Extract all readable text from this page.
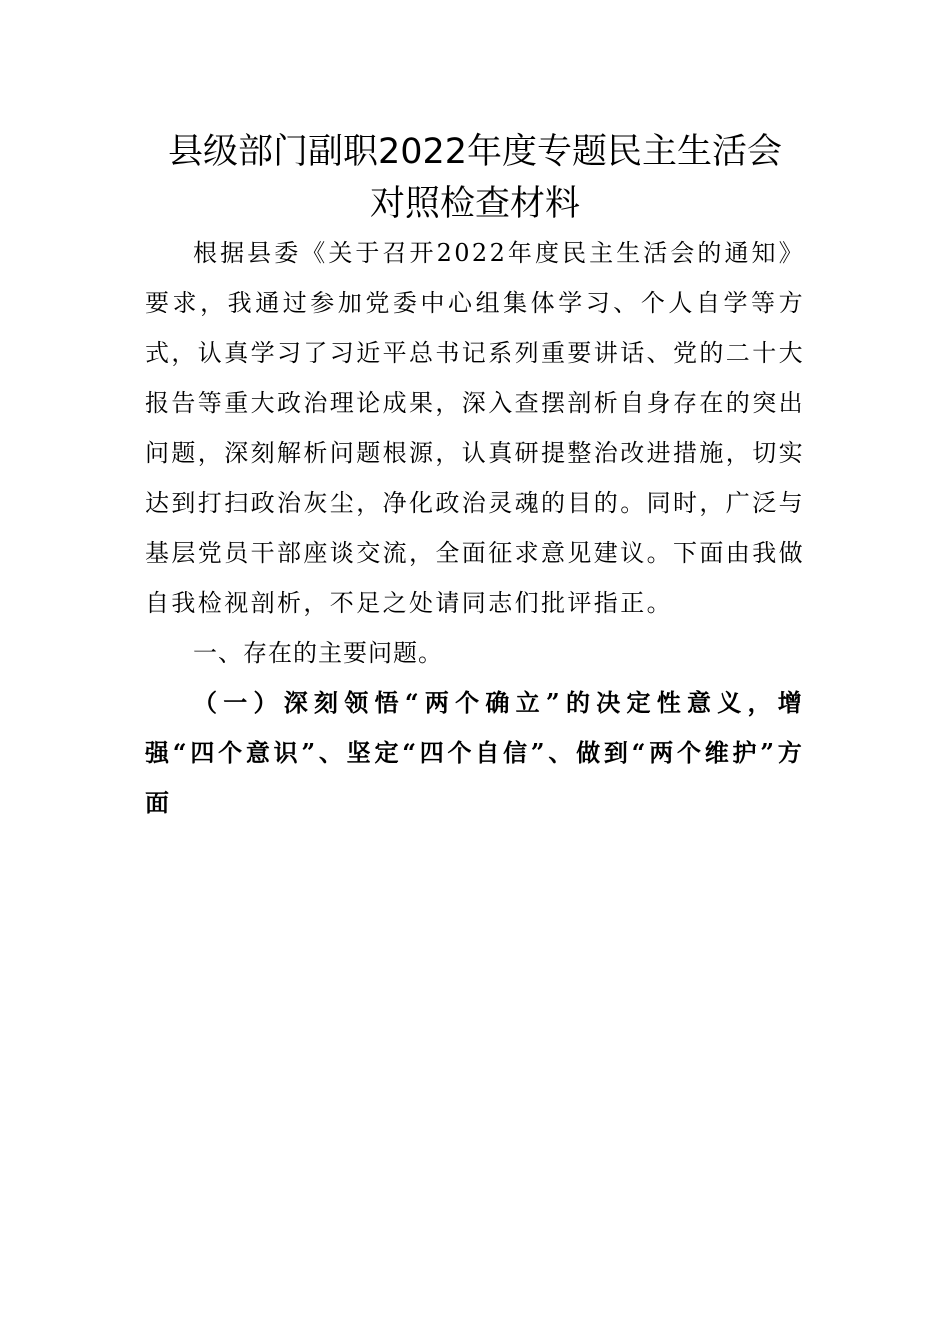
县级部门副职2022年度专题民主生活会
对照检查材料

根据县委《关于召开2022年度民主生活会的通知》要求，我通过参加党委中心组集体学习、个人自学等方式，认真学习了习近平总书记系列重要讲话、党的二十大报告等重大政治理论成果，深入查摆剖析自身存在的突出问题，深刻解析问题根源，认真研提整治改进措施，切实达到打扫政治灰尘，净化政治灵魂的目的。同时，广泛与基层党员干部座谈交流，全面征求意见建议。下面由我做自我检视剖析，不足之处请同志们批评指正。

一、存在的主要问题。

（一）深刻领悟“两个确立”的决定性意义，增强“四个意识”、坚定“四个自信”、做到“两个维护”方面
